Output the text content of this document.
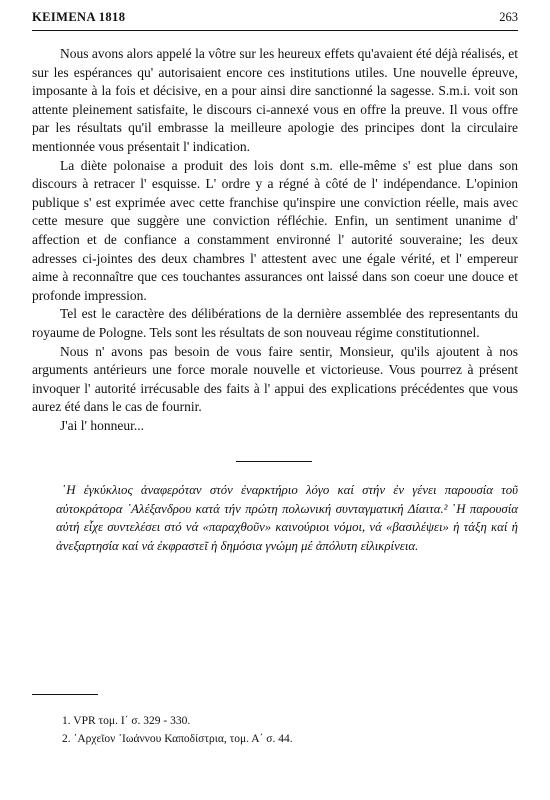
KEIMENA 1818	263

Nous avons alors appelé la vôtre sur les heureux effets qu'avaient été déjà réalisés, et sur les espérances qu' autorisaient encore ces institutions utiles. Une nouvelle épreuve, imposante à la fois et décisive, en a pour ainsi dire sanctionné la sagesse. S.m.i. voit son attente pleinement satisfaite, le discours ci-annexé vous en offre la preuve. Il vous offre par les résultats qu'il embrasse la meilleure apologie des principes dont la circulaire mentionnée vous présentait l' indication.

La diète polonaise a produit des lois dont s.m. elle-même s' est plue dans son discours à retracer l' esquisse. L' ordre y a régné à côté de l' indépendance. L'opinion publique s' est exprimée avec cette franchise qu'inspire une conviction réelle, mais avec cette mesure que suggère une conviction réfléchie. Enfin, un sentiment unanime d' affection et de confiance a constamment environné l' autorité souveraine; les deux adresses ci-jointes des deux chambres l' attestent avec une égale vérité, et l' empereur aime à reconnaître que ces touchantes assurances ont laissé dans son coeur une douce et profonde impression.

Tel est le caractère des délibérations de la dernière assemblée des representants du royaume de Pologne. Tels sont les résultats de son nouveau régime constitutionnel.

Nous n' avons pas besoin de vous faire sentir, Monsieur, qu'ils ajoutent à nos arguments antérieurs une force morale nouvelle et victorieuse. Vous pourrez à présent invoquer l' autorité irrécusable des faits à l' appui des explications précédentes que vous aurez été dans le cas de fournir.

J'ai l' honneur...

῾Η ἐγκύκλιος ἀναφερόταν στόν ἐναρκτήριο λόγο καί στήν ἐν γένει παρουσία τοῦ αὐτοκράτορα ᾿Αλέξανδρου κατά τήν πρώτη πολωνική συνταγματική Δίαιτα.² ῾Η παρουσία αὐτή εἶχε συντελέσει στό νά «παραχθοῦν» καινούριοι νόμοι, νά «βασιλέψει» ἡ τάξη καί ἡ ἀνεξαρτησία καί νά ἐκφραστεῖ ἡ δημόσια γνώμη μέ ἀπόλυτη εἰλικρίνεια.

1. VPR τομ. Ι΄ σ. 329 - 330.
2. ᾿Αρχεῖον ᾿Ιωάννου Καποδίστρια, τομ. Α΄ σ. 44.
